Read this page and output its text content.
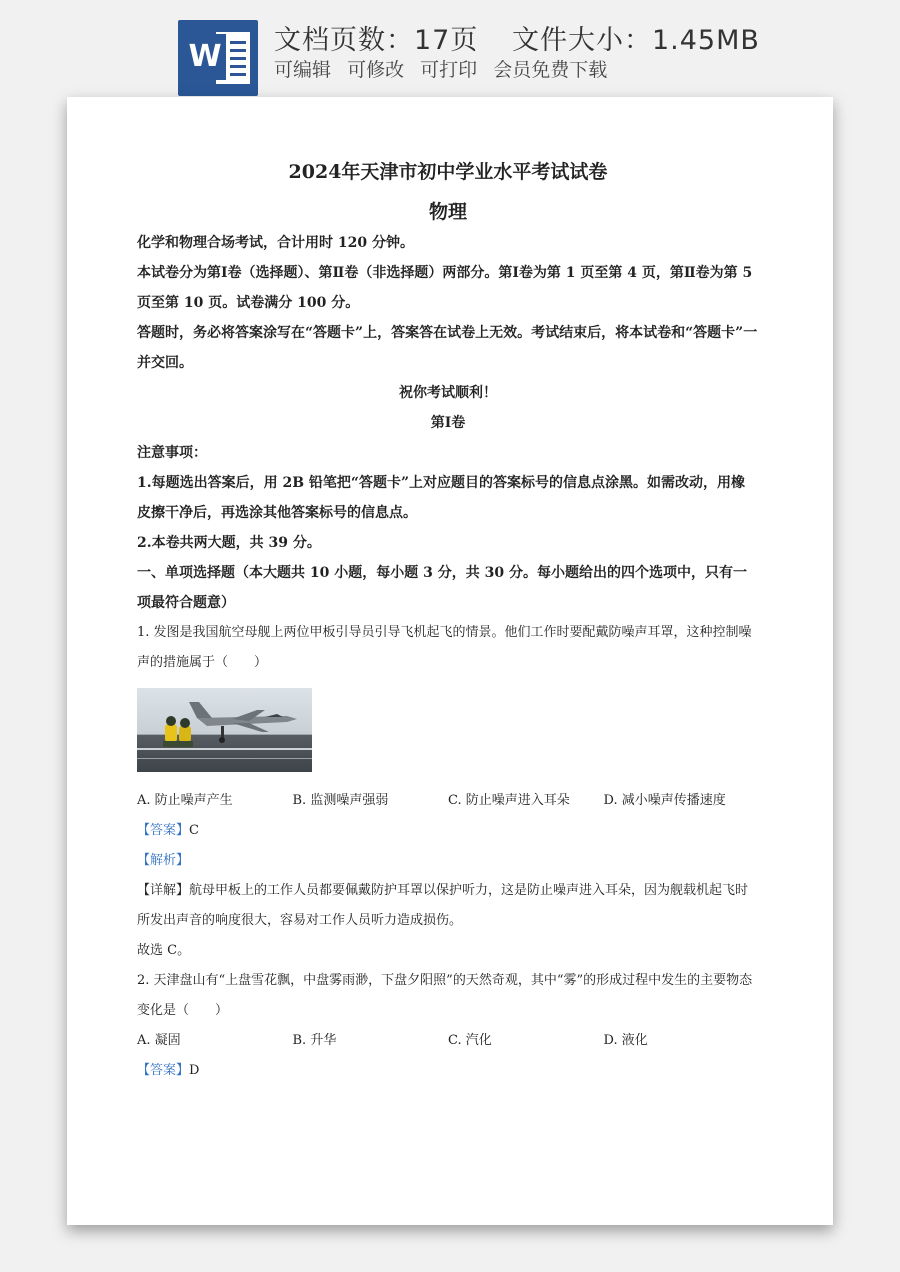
W 文档页数：17页 文件大小：1.45MB
可编辑 可修改 可打印 会员免费下载
2024年天津市初中学业水平考试试卷
物理
化学和物理合场考试，合计用时 120 分钟。
本试卷分为第Ⅰ卷（选择题）、第Ⅱ卷（非选择题）两部分。第Ⅰ卷为第 1 页至第 4 页，第Ⅱ卷为第 5 页至第 10 页。试卷满分 100 分。
答题时，务必将答案涂写在“答题卡”上，答案答在试卷上无效。考试结束后，将本试卷和“答题卡”一并交回。
祝你考试顺利！
第Ⅰ卷
注意事项：
1.每题选出答案后，用 2B 铅笔把“答题卡”上对应题目的答案标号的信息点涂黑。如需改动，用橡皮擦干净后，再选涂其他答案标号的信息点。
2.本卷共两大题，共 39 分。
一、单项选择题（本大题共 10 小题，每小题 3 分，共 30 分。每小题给出的四个选项中，只有一项最符合题意）
1. 发图是我国航空母舰上两位甲板引导员引导飞机起飞的情景。他们工作时要配戴防噪声耳罩，这种控制噪声的措施属于（　　）
A. 防止噪声产生	B. 监测噪声强弱	C. 防止噪声进入耳朵	D. 减小噪声传播速度
【答案】C
【解析】
【详解】航母甲板上的工作人员都要佩戴防护耳罩以保护听力，这是防止噪声进入耳朵，因为舰载机起飞时所发出声音的响度很大，容易对工作人员听力造成损伤。
故选 C。
2. 天津盘山有“上盘雪花飘，中盘雾雨渺，下盘夕阳照”的天然奇观，其中“雾”的形成过程中发生的主要物态变化是（　　）
A. 凝固	B. 升华	C. 汽化	D. 液化
【答案】D
